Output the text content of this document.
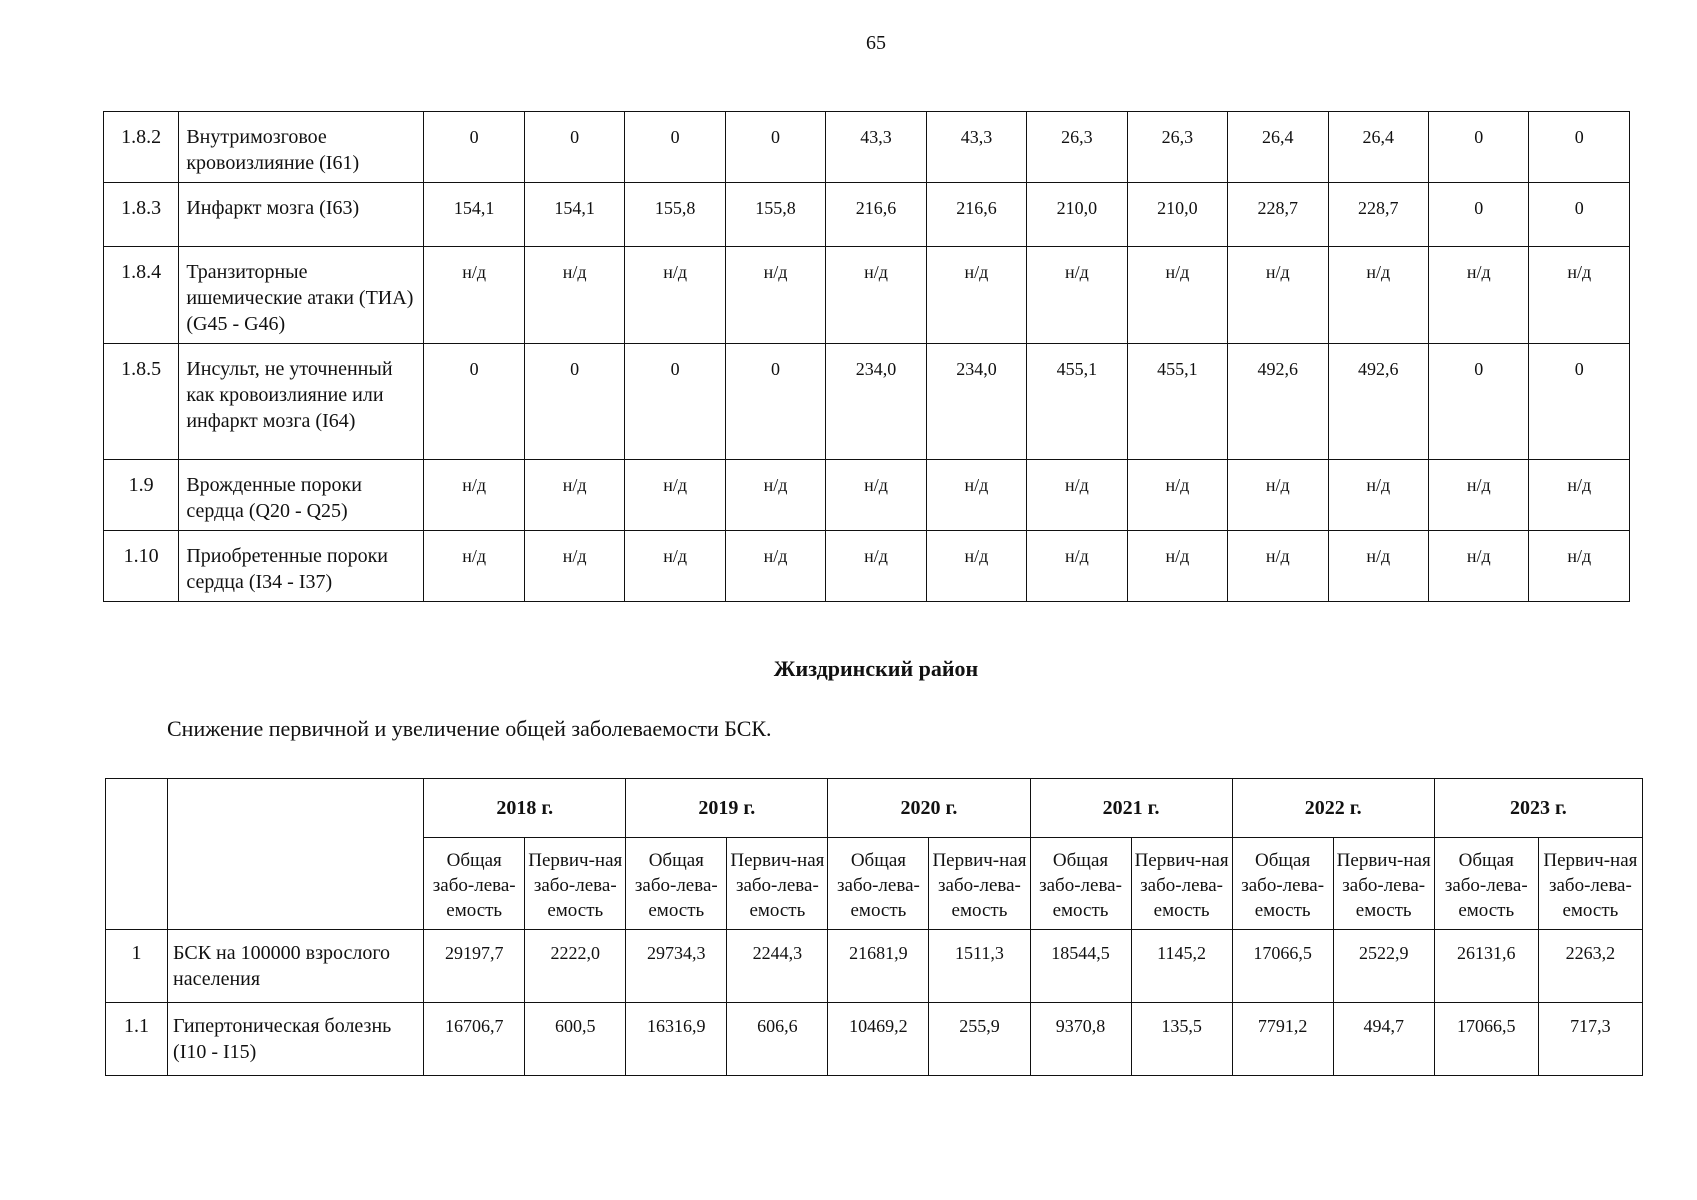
65
1.8.2	Внутримозговое кровоизлияние (I61)	0	0	0	0	43,3	43,3	26,3	26,3	26,4	26,4	0	0
1.8.3	Инфаркт мозга (I63)	154,1	154,1	155,8	155,8	216,6	216,6	210,0	210,0	228,7	228,7	0	0
1.8.4	Транзиторные ишемические атаки (ТИА) (G45 - G46)	н/д	н/д	н/д	н/д	н/д	н/д	н/д	н/д	н/д	н/д	н/д	н/д
1.8.5	Инсульт, не уточненный как кровоизлияние или инфаркт мозга (I64)	0	0	0	0	234,0	234,0	455,1	455,1	492,6	492,6	0	0
1.9	Врожденные пороки сердца (Q20 - Q25)	н/д	н/д	н/д	н/д	н/д	н/д	н/д	н/д	н/д	н/д	н/д	н/д
1.10	Приобретенные пороки сердца (I34 - I37)	н/д	н/д	н/д	н/д	н/д	н/д	н/д	н/д	н/д	н/д	н/д	н/д
Жиздринский район
Снижение первичной и увеличение общей заболеваемости БСК.
		2018 г.		2019 г.		2020 г.		2021 г.		2022 г.		2023 г.	
		Общая забо-лева-емость	Первич-ная забо-лева-емость	Общая забо-лева-емость	Первич-ная забо-лева-емость	Общая забо-лева-емость	Первич-ная забо-лева-емость	Общая забо-лева-емость	Первич-ная забо-лева-емость	Общая забо-лева-емость	Первич-ная забо-лева-емость	Общая забо-лева-емость	Первич-ная забо-лева-емость
1	БСК на 100000 взрослого населения	29197,7	2222,0	29734,3	2244,3	21681,9	1511,3	18544,5	1145,2	17066,5	2522,9	26131,6	2263,2
1.1	Гипертоническая болезнь (I10 - I15)	16706,7	600,5	16316,9	606,6	10469,2	255,9	9370,8	135,5	7791,2	494,7	17066,5	717,3
